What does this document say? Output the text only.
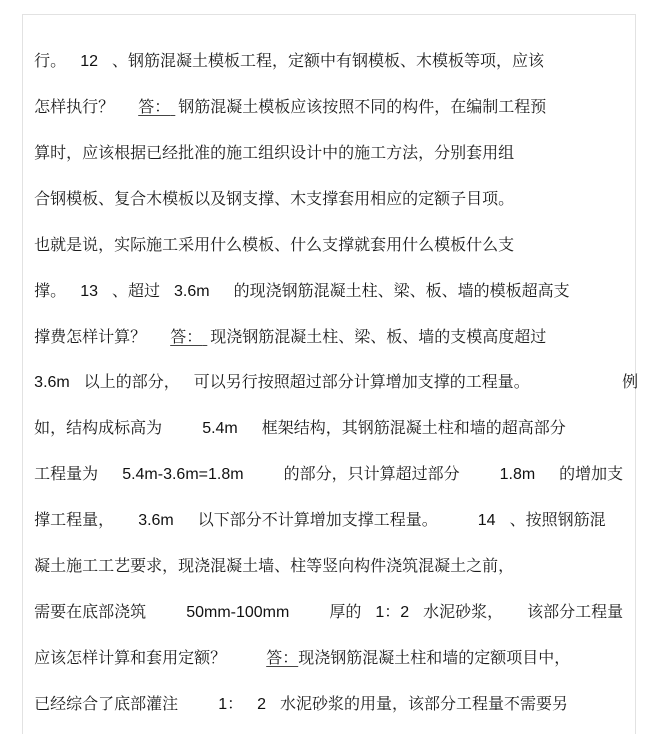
行。 12 、钢筋混凝土模板工程，定额中有钢模板、木模板等项，应该

怎样执行？ 答： 钢筋混凝土模板应该按照不同的构件，在编制工程预

算时，应该根据已经批准的施工组织设计中的施工方法，分别套用组

合钢模板、复合木模板以及钢支撑、木支撑套用相应的定额子目项。

也就是说，实际施工采用什么模板、什么支撑就套用什么模板什么支

撑。 13 、超过 3.6m 的现浇钢筋混凝土柱、梁、板、墙的模板超高支

撑费怎样计算？ 答： 现浇钢筋混凝土柱、梁、板、墙的支模高度超过

3.6m 以上的部分， 可以另行按照超过部分计算增加支撑的工程量。	例

如，结构成标高为	5.4m 框架结构，其钢筋混凝土柱和墙的超高部分

工程量为 5.4m-3.6m=1.8m	的部分，只计算超过部分	1.8m 的增加支

撑工程量， 3.6m 以下部分不计算增加支撑工程量。	14 、按照钢筋混

凝土施工工艺要求，现浇混凝土墙、柱等竖向构件浇筑混凝土之前，

需要在底部浇筑	50mm-100mm	厚的 1：2 水泥砂浆， 该部分工程量

应该怎样计算和套用定额？	答：现浇钢筋混凝土柱和墙的定额项目中，

已经综合了底部灌注	1： 2 水泥砂浆的用量，该部分工程量不需要另
